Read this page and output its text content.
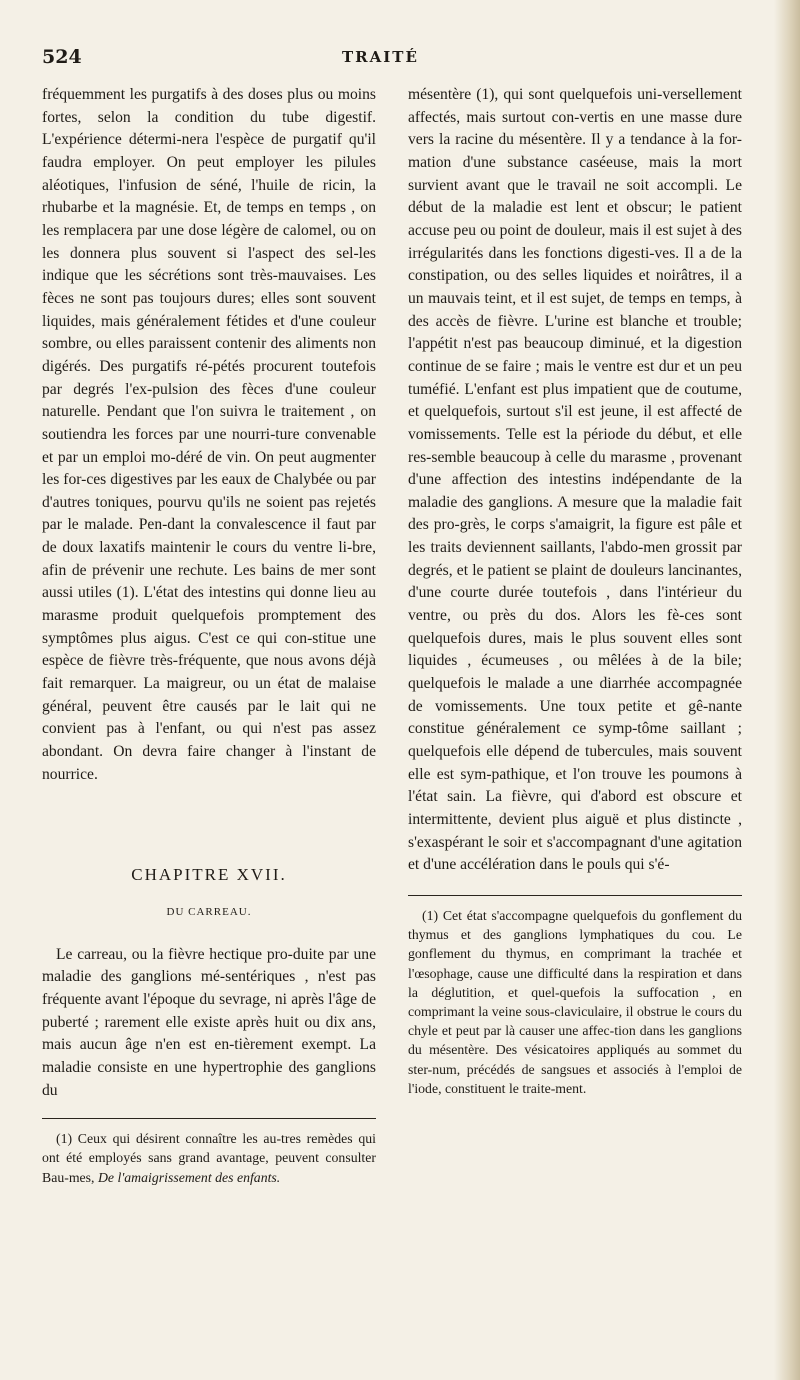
524	TRAITÉ

fréquemment les purgatifs à des doses plus ou moins fortes, selon la condition du tube digestif. L'expérience détermi-nera l'espèce de purgatif qu'il faudra employer. On peut employer les pilules aléotiques, l'infusion de séné, l'huile de ricin, la rhubarbe et la magnésie. Et, de temps en temps , on les remplacera par une dose légère de calomel, ou on les donnera plus souvent si l'aspect des sel-les indique que les sécrétions sont très-mauvaises. Les fèces ne sont pas toujours dures; elles sont souvent liquides, mais généralement fétides et d'une couleur sombre, ou elles paraissent contenir des aliments non digérés. Des purgatifs ré-pétés procurent toutefois par degrés l'ex-pulsion des fèces d'une couleur naturelle. Pendant que l'on suivra le traitement , on soutiendra les forces par une nourri-ture convenable et par un emploi mo-déré de vin. On peut augmenter les for-ces digestives par les eaux de Chalybée ou par d'autres toniques, pourvu qu'ils ne soient pas rejetés par le malade. Pen-dant la convalescence il faut par de doux laxatifs maintenir le cours du ventre li-bre, afin de prévenir une rechute. Les bains de mer sont aussi utiles (1). L'état des intestins qui donne lieu au marasme produit quelquefois promptement des symptômes plus aigus. C'est ce qui con-stitue une espèce de fièvre très-fréquente, que nous avons déjà fait remarquer. La maigreur, ou un état de malaise général, peuvent être causés par le lait qui ne convient pas à l'enfant, ou qui n'est pas assez abondant. On devra faire changer à l'instant de nourrice.

CHAPITRE XVII.
DU CARREAU.

Le carreau, ou la fièvre hectique pro-duite par une maladie des ganglions mé-sentériques , n'est pas fréquente avant l'époque du sevrage, ni après l'âge de puberté ; rarement elle existe après huit ou dix ans, mais aucun âge n'en est en-tièrement exempt. La maladie consiste en une hypertrophie des ganglions du

(1) Ceux qui désirent connaître les au-tres remèdes qui ont été employés sans grand avantage, peuvent consulter Bau-mes, De l'amaigrissement des enfants.

mésentère (1), qui sont quelquefois uni-versellement affectés, mais surtout con-vertis en une masse dure vers la racine du mésentère. Il y a tendance à la for-mation d'une substance caséeuse, mais la mort survient avant que le travail ne soit accompli. Le début de la maladie est lent et obscur; le patient accuse peu ou point de douleur, mais il est sujet à des irrégularités dans les fonctions digesti-ves. Il a de la constipation, ou des selles liquides et noirâtres, il a un mauvais teint, et il est sujet, de temps en temps, à des accès de fièvre. L'urine est blanche et trouble; l'appétit n'est pas beaucoup diminué, et la digestion continue de se faire ; mais le ventre est dur et un peu tuméfié. L'enfant est plus impatient que de coutume, et quelquefois, surtout s'il est jeune, il est affecté de vomissements. Telle est la période du début, et elle res-semble beaucoup à celle du marasme , provenant d'une affection des intestins indépendante de la maladie des ganglions. A mesure que la maladie fait des pro-grès, le corps s'amaigrit, la figure est pâle et les traits deviennent saillants, l'abdo-men grossit par degrés, et le patient se plaint de douleurs lancinantes, d'une courte durée toutefois , dans l'intérieur du ventre, ou près du dos. Alors les fè-ces sont quelquefois dures, mais le plus souvent elles sont liquides , écumeuses , ou mêlées à de la bile; quelquefois le malade a une diarrhée accompagnée de vomissements. Une toux petite et gê-nante constitue généralement ce symp-tôme saillant ; quelquefois elle dépend de tubercules, mais souvent elle est sym-pathique, et l'on trouve les poumons à l'état sain. La fièvre, qui d'abord est obscure et intermittente, devient plus aiguë et plus distincte , s'exaspérant le soir et s'accompagnant d'une agitation et d'une accélération dans le pouls qui s'é-

(1) Cet état s'accompagne quelquefois du gonflement du thymus et des ganglions lymphatiques du cou. Le gonflement du thymus, en comprimant la trachée et l'œsophage, cause une difficulté dans la respiration et dans la déglutition, et quel-quefois la suffocation , en comprimant la veine sous-claviculaire, il obstrue le cours du chyle et peut par là causer une affec-tion dans les ganglions du mésentère. Des vésicatoires appliqués au sommet du ster-num, précédés de sangsues et associés à l'emploi de l'iode, constituent le traite-ment.
